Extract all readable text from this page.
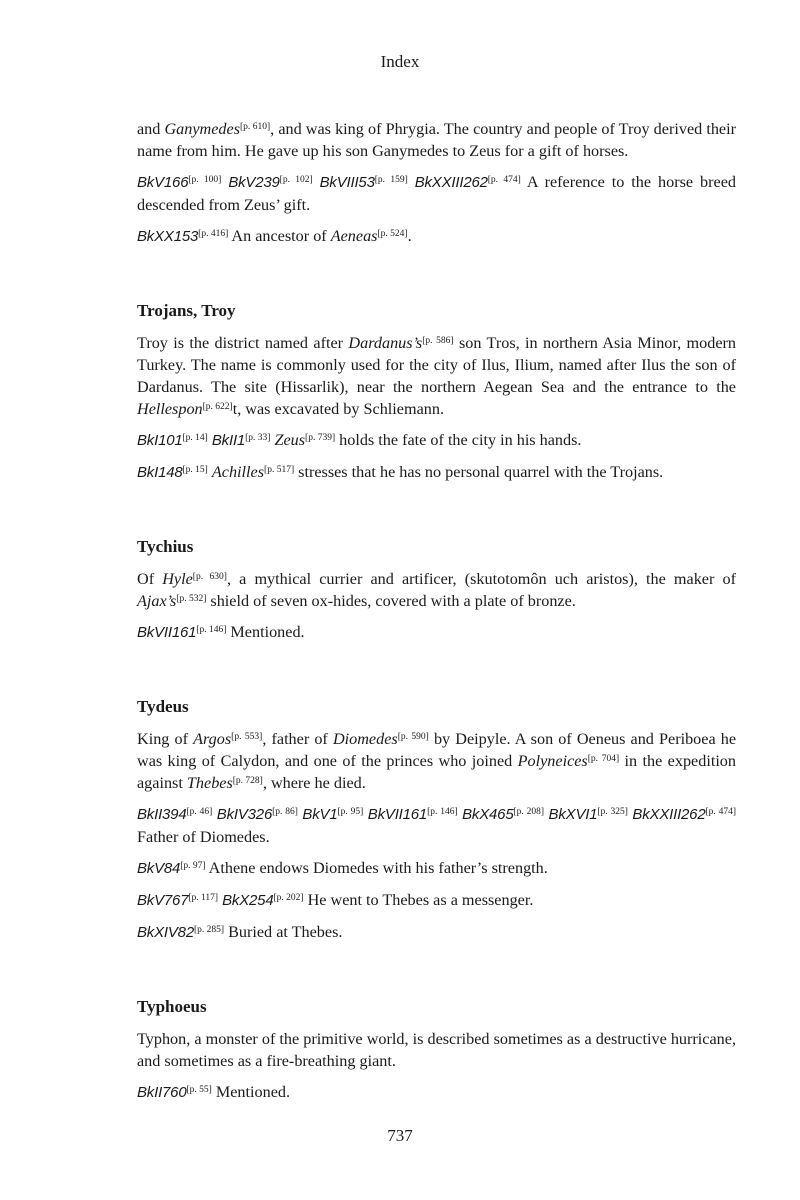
Index

and Ganymedes[p. 610], and was king of Phrygia. The country and people of Troy derived their name from him. He gave up his son Ganymedes to Zeus for a gift of horses.

BkV166[p. 100] BkV239[p. 102] BkVIII53[p. 159] BkXXIII262[p. 474] A reference to the horse breed descended from Zeus’ gift.

BkXX153[p. 416] An ancestor of Aeneas[p. 524].

Trojans, Troy

Troy is the district named after Dardanus’s[p. 586] son Tros, in northern Asia Minor, modern Turkey. The name is commonly used for the city of Ilus, Ilium, named after Ilus the son of Dardanus. The site (Hissarlik), near the northern Aegean Sea and the entrance to the Hellespon[p. 622]t, was excavated by Schliemann.

BkI101[p. 14] BkII1[p. 33] Zeus[p. 739] holds the fate of the city in his hands.

BkI148[p. 15] Achilles[p. 517] stresses that he has no personal quarrel with the Trojans.

Tychius

Of Hyle[p. 630], a mythical currier and artificer, (skutotomôn uch aristos), the maker of Ajax’s[p. 532] shield of seven ox-hides, covered with a plate of bronze.

BkVII161[p. 146] Mentioned.

Tydeus

King of Argos[p. 553], father of Diomedes[p. 590] by Deipyle. A son of Oeneus and Periboea he was king of Calydon, and one of the princes who joined Polyneices[p. 704] in the expedition against Thebes[p. 728], where he died.

BkII394[p. 46] BkIV326[p. 86] BkV1[p. 95] BkVII161[p. 146] BkX465[p. 208] BkXVI1[p. 325] BkXXIII262[p. 474] Father of Diomedes.

BkV84[p. 97] Athene endows Diomedes with his father’s strength.

BkV767[p. 117] BkX254[p. 202] He went to Thebes as a messenger.

BkXIV82[p. 285] Buried at Thebes.

Typhoeus

Typhon, a monster of the primitive world, is described sometimes as a destructive hurricane, and sometimes as a fire-breathing giant.

BkII760[p. 55] Mentioned.

737
